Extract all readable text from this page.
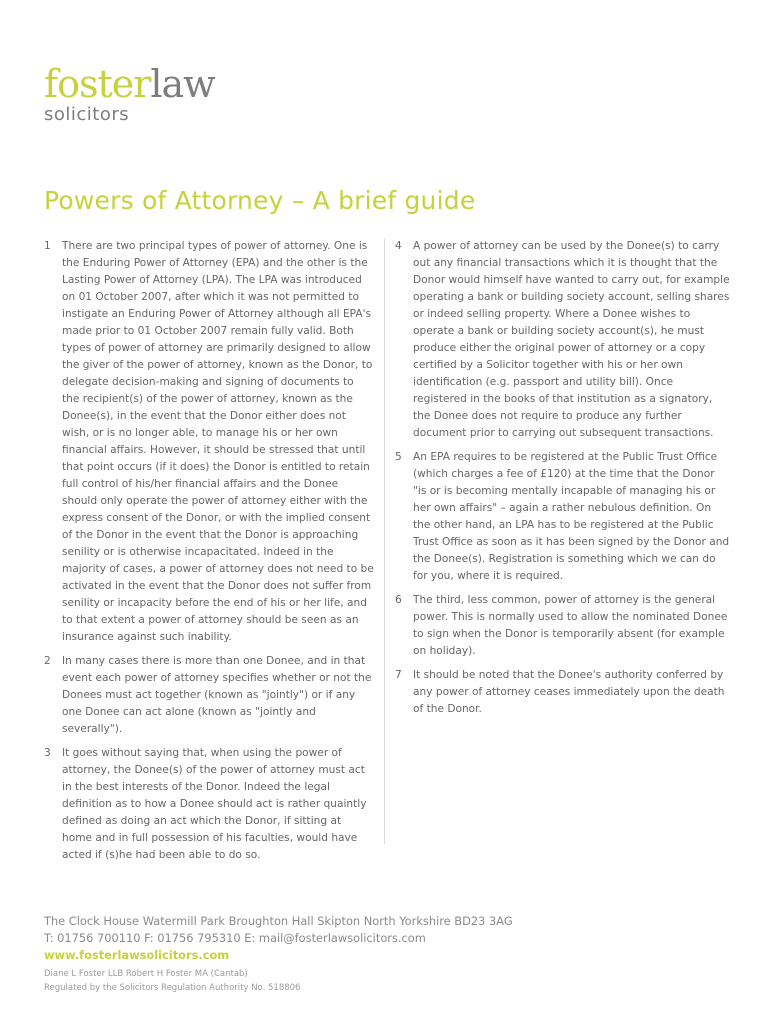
fosterlaw
solicitors
Powers of Attorney – A brief guide
1	There are two principal types of power of attorney. One is the Enduring Power of Attorney (EPA) and the other is the Lasting Power of Attorney (LPA). The LPA was introduced on 01 October 2007, after which it was not permitted to instigate an Enduring Power of Attorney although all EPA's made prior to 01 October 2007 remain fully valid. Both types of power of attorney are primarily designed to allow the giver of the power of attorney, known as the Donor, to delegate decision-making and signing of documents to the recipient(s) of the power of attorney, known as the Donee(s), in the event that the Donor either does not wish, or is no longer able, to manage his or her own financial affairs. However, it should be stressed that until that point occurs (if it does) the Donor is entitled to retain full control of his/her financial affairs and the Donee should only operate the power of attorney either with the express consent of the Donor, or with the implied consent of the Donor in the event that the Donor is approaching senility or is otherwise incapacitated. Indeed in the majority of cases, a power of attorney does not need to be activated in the event that the Donor does not suffer from senility or incapacity before the end of his or her life, and to that extent a power of attorney should be seen as an insurance against such inability.
2	In many cases there is more than one Donee, and in that event each power of attorney specifies whether or not the Donees must act together (known as "jointly") or if any one Donee can act alone (known as "jointly and severally").
3	It goes without saying that, when using the power of attorney, the Donee(s) of the power of attorney must act in the best interests of the Donor. Indeed the legal definition as to how a Donee should act is rather quaintly defined as doing an act which the Donor, if sitting at home and in full possession of his faculties, would have acted if (s)he had been able to do so.
4	A power of attorney can be used by the Donee(s) to carry out any financial transactions which it is thought that the Donor would himself have wanted to carry out, for example operating a bank or building society account, selling shares or indeed selling property. Where a Donee wishes to operate a bank or building society account(s), he must produce either the original power of attorney or a copy certified by a Solicitor together with his or her own identification (e.g. passport and utility bill). Once registered in the books of that institution as a signatory, the Donee does not require to produce any further document prior to carrying out subsequent transactions.
5	An EPA requires to be registered at the Public Trust Office (which charges a fee of £120) at the time that the Donor "is or is becoming mentally incapable of managing his or her own affairs" – again a rather nebulous definition. On the other hand, an LPA has to be registered at the Public Trust Office as soon as it has been signed by the Donor and the Donee(s). Registration is something which we can do for you, where it is required.
6	The third, less common, power of attorney is the general power. This is normally used to allow the nominated Donee to sign when the Donor is temporarily absent (for example on holiday).
7	It should be noted that the Donee's authority conferred by any power of attorney ceases immediately upon the death of the Donor.
The Clock House Watermill Park Broughton Hall Skipton North Yorkshire BD23 3AG
T: 01756 700110 F: 01756 795310 E: mail@fosterlawsolicitors.com
www.fosterlawsolicitors.com
Diane L Foster LLB Robert H Foster MA (Cantab)
Regulated by the Solicitors Regulation Authority No. 518806
